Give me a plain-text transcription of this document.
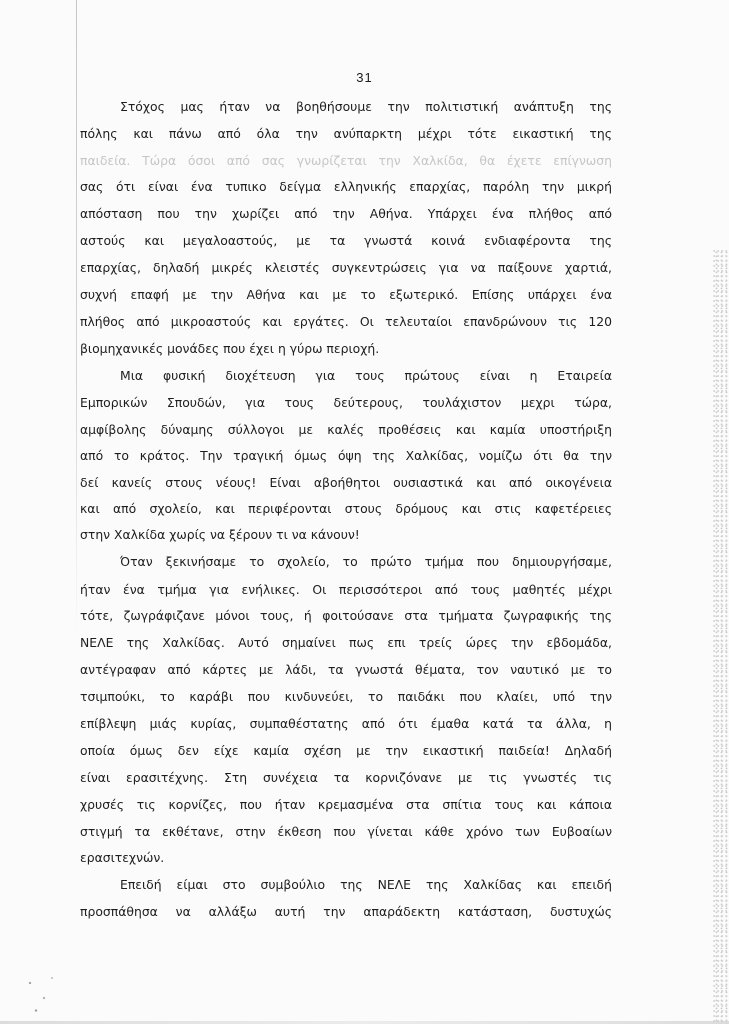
31
Στόχος μας ήταν να βοηθήσουμε την πολιτιστική ανάπτυξη της
πόλης και πάνω από όλα την ανύπαρκτη μέχρι τότε εικαστική της
παιδεία. Τώρα όσοι από σας γνωρίζεται την Χαλκίδα, θα έχετε επίγνωση
σας ότι είναι ένα τυπικο δείγμα ελληνικής επαρχίας, παρόλη την μικρή
απόσταση που την χωρίζει από την Αθήνα. Υπάρχει ένα πλήθος από
αστούς και μεγαλοαστούς, με τα γνωστά κοινά ενδιαφέροντα της
επαρχίας, δηλαδή μικρές κλειστές συγκεντρώσεις για να παίξουνε χαρτιά,
συχνή επαφή με την Αθήνα και με το εξωτερικό. Επίσης υπάρχει ένα
πλήθος από μικροαστούς και εργάτες. Οι τελευταίοι επανδρώνουν τις 120
βιομηχανικές μονάδες που έχει η γύρω περιοχή.
Μια φυσική διοχέτευση για τους πρώτους είναι η Εταιρεία
Εμπορικών Σπουδών, για τους δεύτερους, τουλάχιστον μεχρι τώρα,
αμφίβολης δύναμης σύλλογοι με καλές προθέσεις και καμία υποστήριξη
από το κράτος. Την τραγική όμως όψη της Χαλκίδας, νομίζω ότι θα την
δεί κανείς στους νέους! Είναι αβοήθητοι ουσιαστικά και από οικογένεια
και από σχολείο, και περιφέρονται στους δρόμους και στις καφετέρειες
στην Χαλκίδα χωρίς να ξέρουν τι να κάνουν!
Όταν ξεκινήσαμε το σχολείο, το πρώτο τμήμα που δημιουργήσαμε,
ήταν ένα τμήμα για ενήλικες. Οι περισσότεροι από τους μαθητές μέχρι
τότε, ζωγράφιζανε μόνοι τους, ή φοιτούσανε στα τμήματα ζωγραφικής της
ΝΕΛΕ της Χαλκίδας. Αυτό σημαίνει πως επι τρείς ώρες την εβδομάδα,
αντέγραφαν από κάρτες με λάδι, τα γνωστά θέματα, τον ναυτικό με το
τσιμπούκι, το καράβι που κινδυνεύει, το παιδάκι που κλαίει, υπό την
επίβλεψη μιάς κυρίας, συμπαθέστατης από ότι έμαθα κατά τα άλλα, η
οποία όμως δεν είχε καμία σχέση με την εικαστική παιδεία! Δηλαδή
είναι ερασιτέχνης. Στη συνέχεια τα κορνιζόνανε με τις γνωστές τις
χρυσές τις κορνίζες, που ήταν κρεμασμένα στα σπίτια τους και κάποια
στιγμή τα εκθέτανε, στην έκθεση που γίνεται κάθε χρόνο των Ευβοαίων
ερασιτεχνών.
Επειδή είμαι στο συμβούλιο της ΝΕΛΕ της Χαλκίδας και επειδή
προσπάθησα να αλλάξω αυτή την απαράδεκτη κατάσταση, δυστυχώς
